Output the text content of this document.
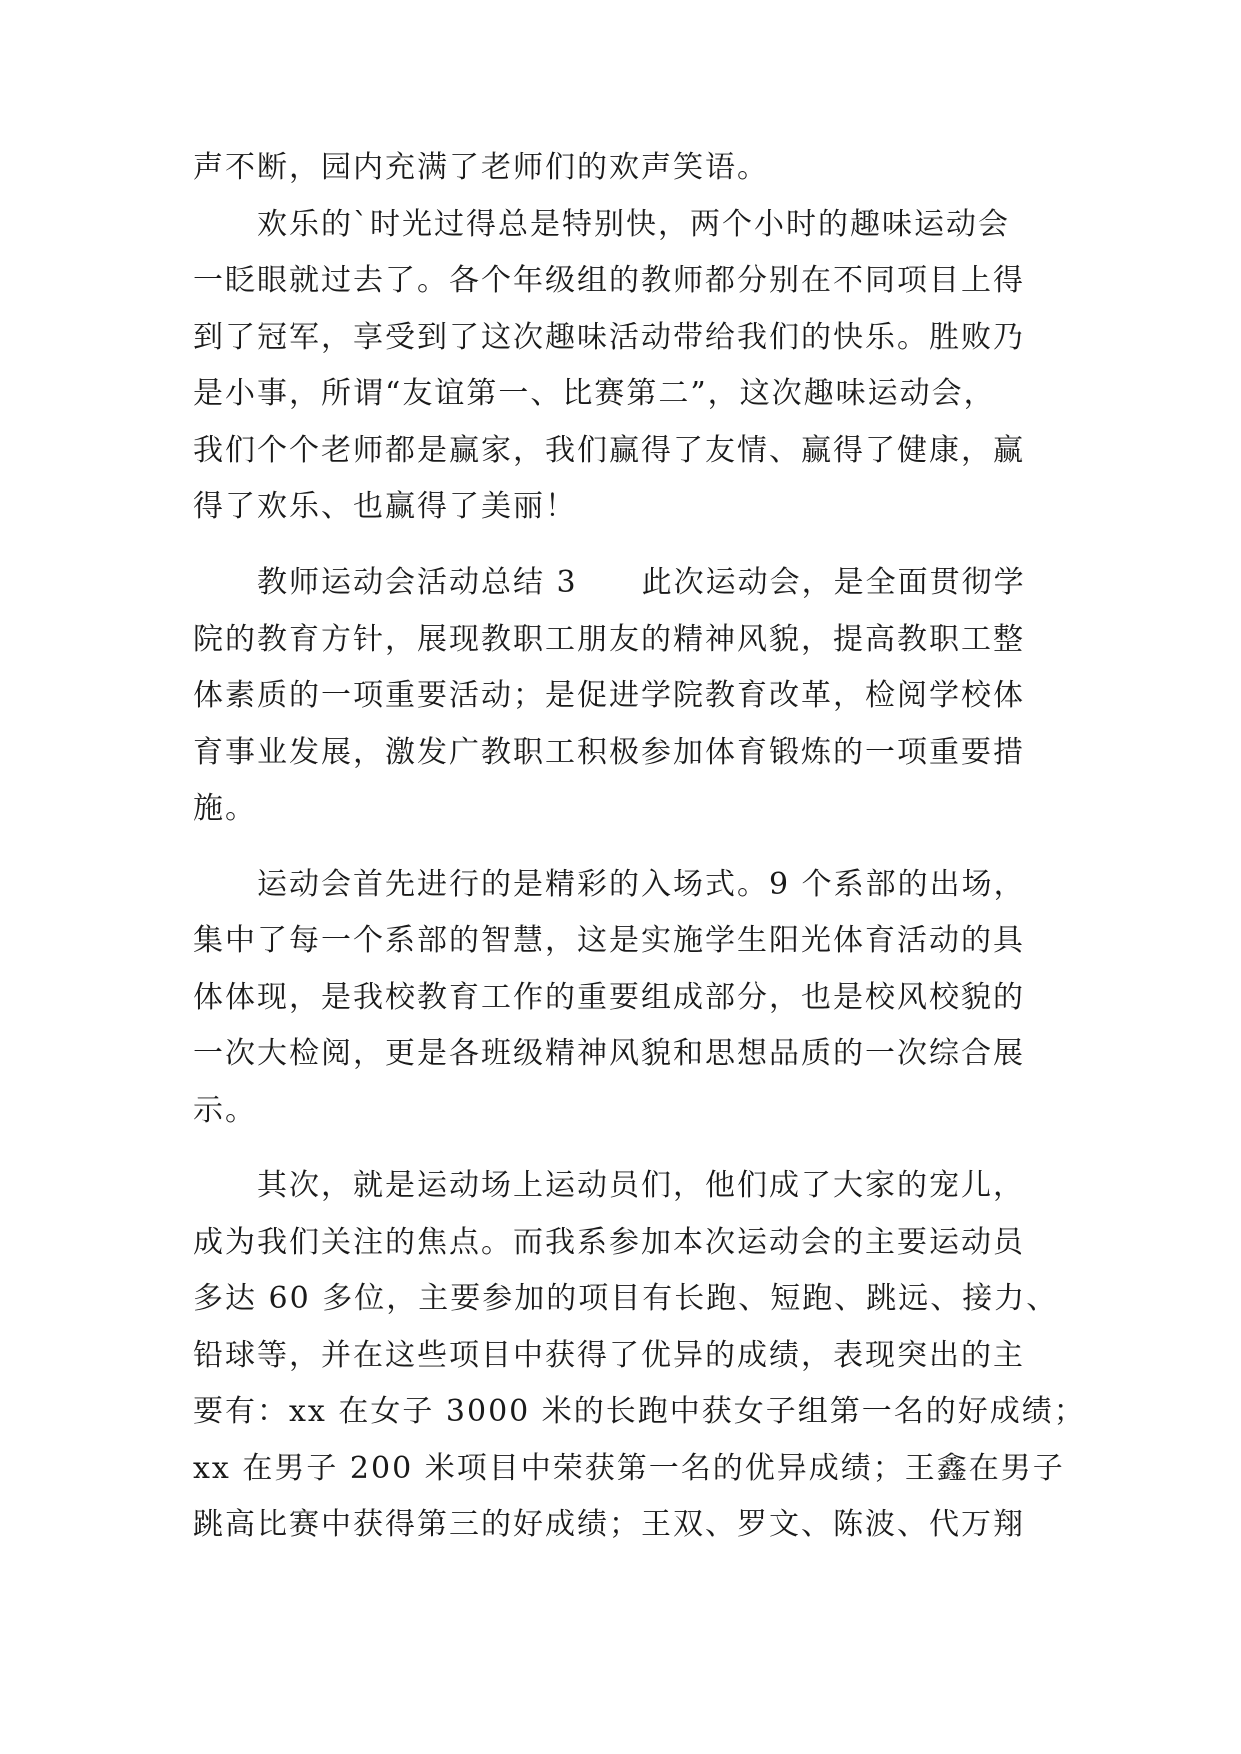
声不断，园内充满了老师们的欢声笑语。
欢乐的`时光过得总是特别快，两个小时的趣味运动会
一眨眼就过去了。各个年级组的教师都分别在不同项目上得
到了冠军，享受到了这次趣味活动带给我们的快乐。胜败乃
是小事，所谓“友谊第一、比赛第二”，这次趣味运动会，
我们个个老师都是赢家，我们赢得了友情、赢得了健康，赢
得了欢乐、也赢得了美丽！
教师运动会活动总结 3　　此次运动会，是全面贯彻学
院的教育方针，展现教职工朋友的精神风貌，提高教职工整
体素质的一项重要活动；是促进学院教育改革，检阅学校体
育事业发展，激发广教职工积极参加体育锻炼的一项重要措
施。
运动会首先进行的是精彩的入场式。9 个系部的出场，
集中了每一个系部的智慧，这是实施学生阳光体育活动的具
体体现，是我校教育工作的重要组成部分，也是校风校貌的
一次大检阅，更是各班级精神风貌和思想品质的一次综合展
示。
其次，就是运动场上运动员们，他们成了大家的宠儿，
成为我们关注的焦点。而我系参加本次运动会的主要运动员
多达 60 多位，主要参加的项目有长跑、短跑、跳远、接力、
铅球等，并在这些项目中获得了优异的成绩，表现突出的主
要有：xx 在女子 3000 米的长跑中获女子组第一名的好成绩；
xx 在男子 200 米项目中荣获第一名的优异成绩；王鑫在男子
跳高比赛中获得第三的好成绩；王双、罗文、陈波、代万翔
